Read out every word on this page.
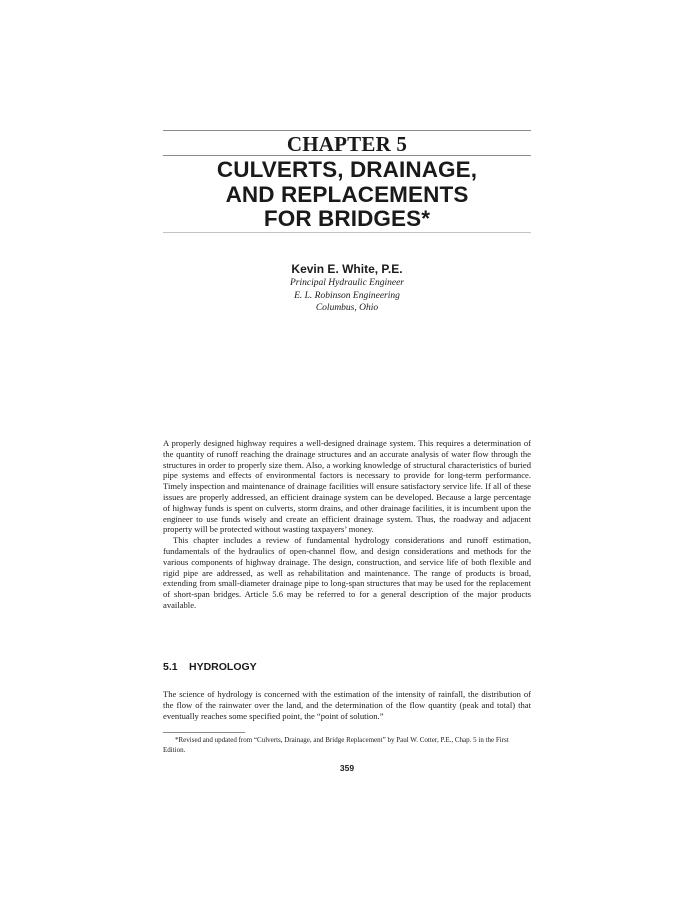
CHAPTER 5
CULVERTS, DRAINAGE,
AND REPLACEMENTS
FOR BRIDGES*
Kevin E. White, P.E.
Principal Hydraulic Engineer
E. L. Robinson Engineering
Columbus, Ohio

A properly designed highway requires a well-designed drainage system. This requires a determination of the quantity of runoff reaching the drainage structures and an accurate analysis of water flow through the structures in order to properly size them. Also, a working knowledge of structural characteristics of buried pipe systems and effects of environmental factors is necessary to provide for long-term performance. Timely inspection and maintenance of drainage facilities will ensure satisfactory service life. If all of these issues are properly addressed, an efficient drainage system can be developed. Because a large percentage of highway funds is spent on culverts, storm drains, and other drainage facilities, it is incumbent upon the engineer to use funds wisely and create an efficient drainage system. Thus, the roadway and adjacent property will be protected without wasting taxpayers’ money.

This chapter includes a review of fundamental hydrology considerations and runoff estimation, fundamentals of the hydraulics of open-channel flow, and design considerations and methods for the various components of highway drainage. The design, construction, and service life of both flexible and rigid pipe are addressed, as well as rehabilitation and maintenance. The range of products is broad, extending from small-diameter drainage pipe to long-span structures that may be used for the replacement of short-span bridges. Article 5.6 may be referred to for a general description of the major products available.

5.1 HYDROLOGY

The science of hydrology is concerned with the estimation of the intensity of rainfall, the distribution of the flow of the rainwater over the land, and the determination of the flow quantity (peak and total) that eventually reaches some specified point, the “point of solution.”

*Revised and updated from “Culverts, Drainage, and Bridge Replacement” by Paul W. Cotter, P.E., Chap. 5 in the First Edition.
359
